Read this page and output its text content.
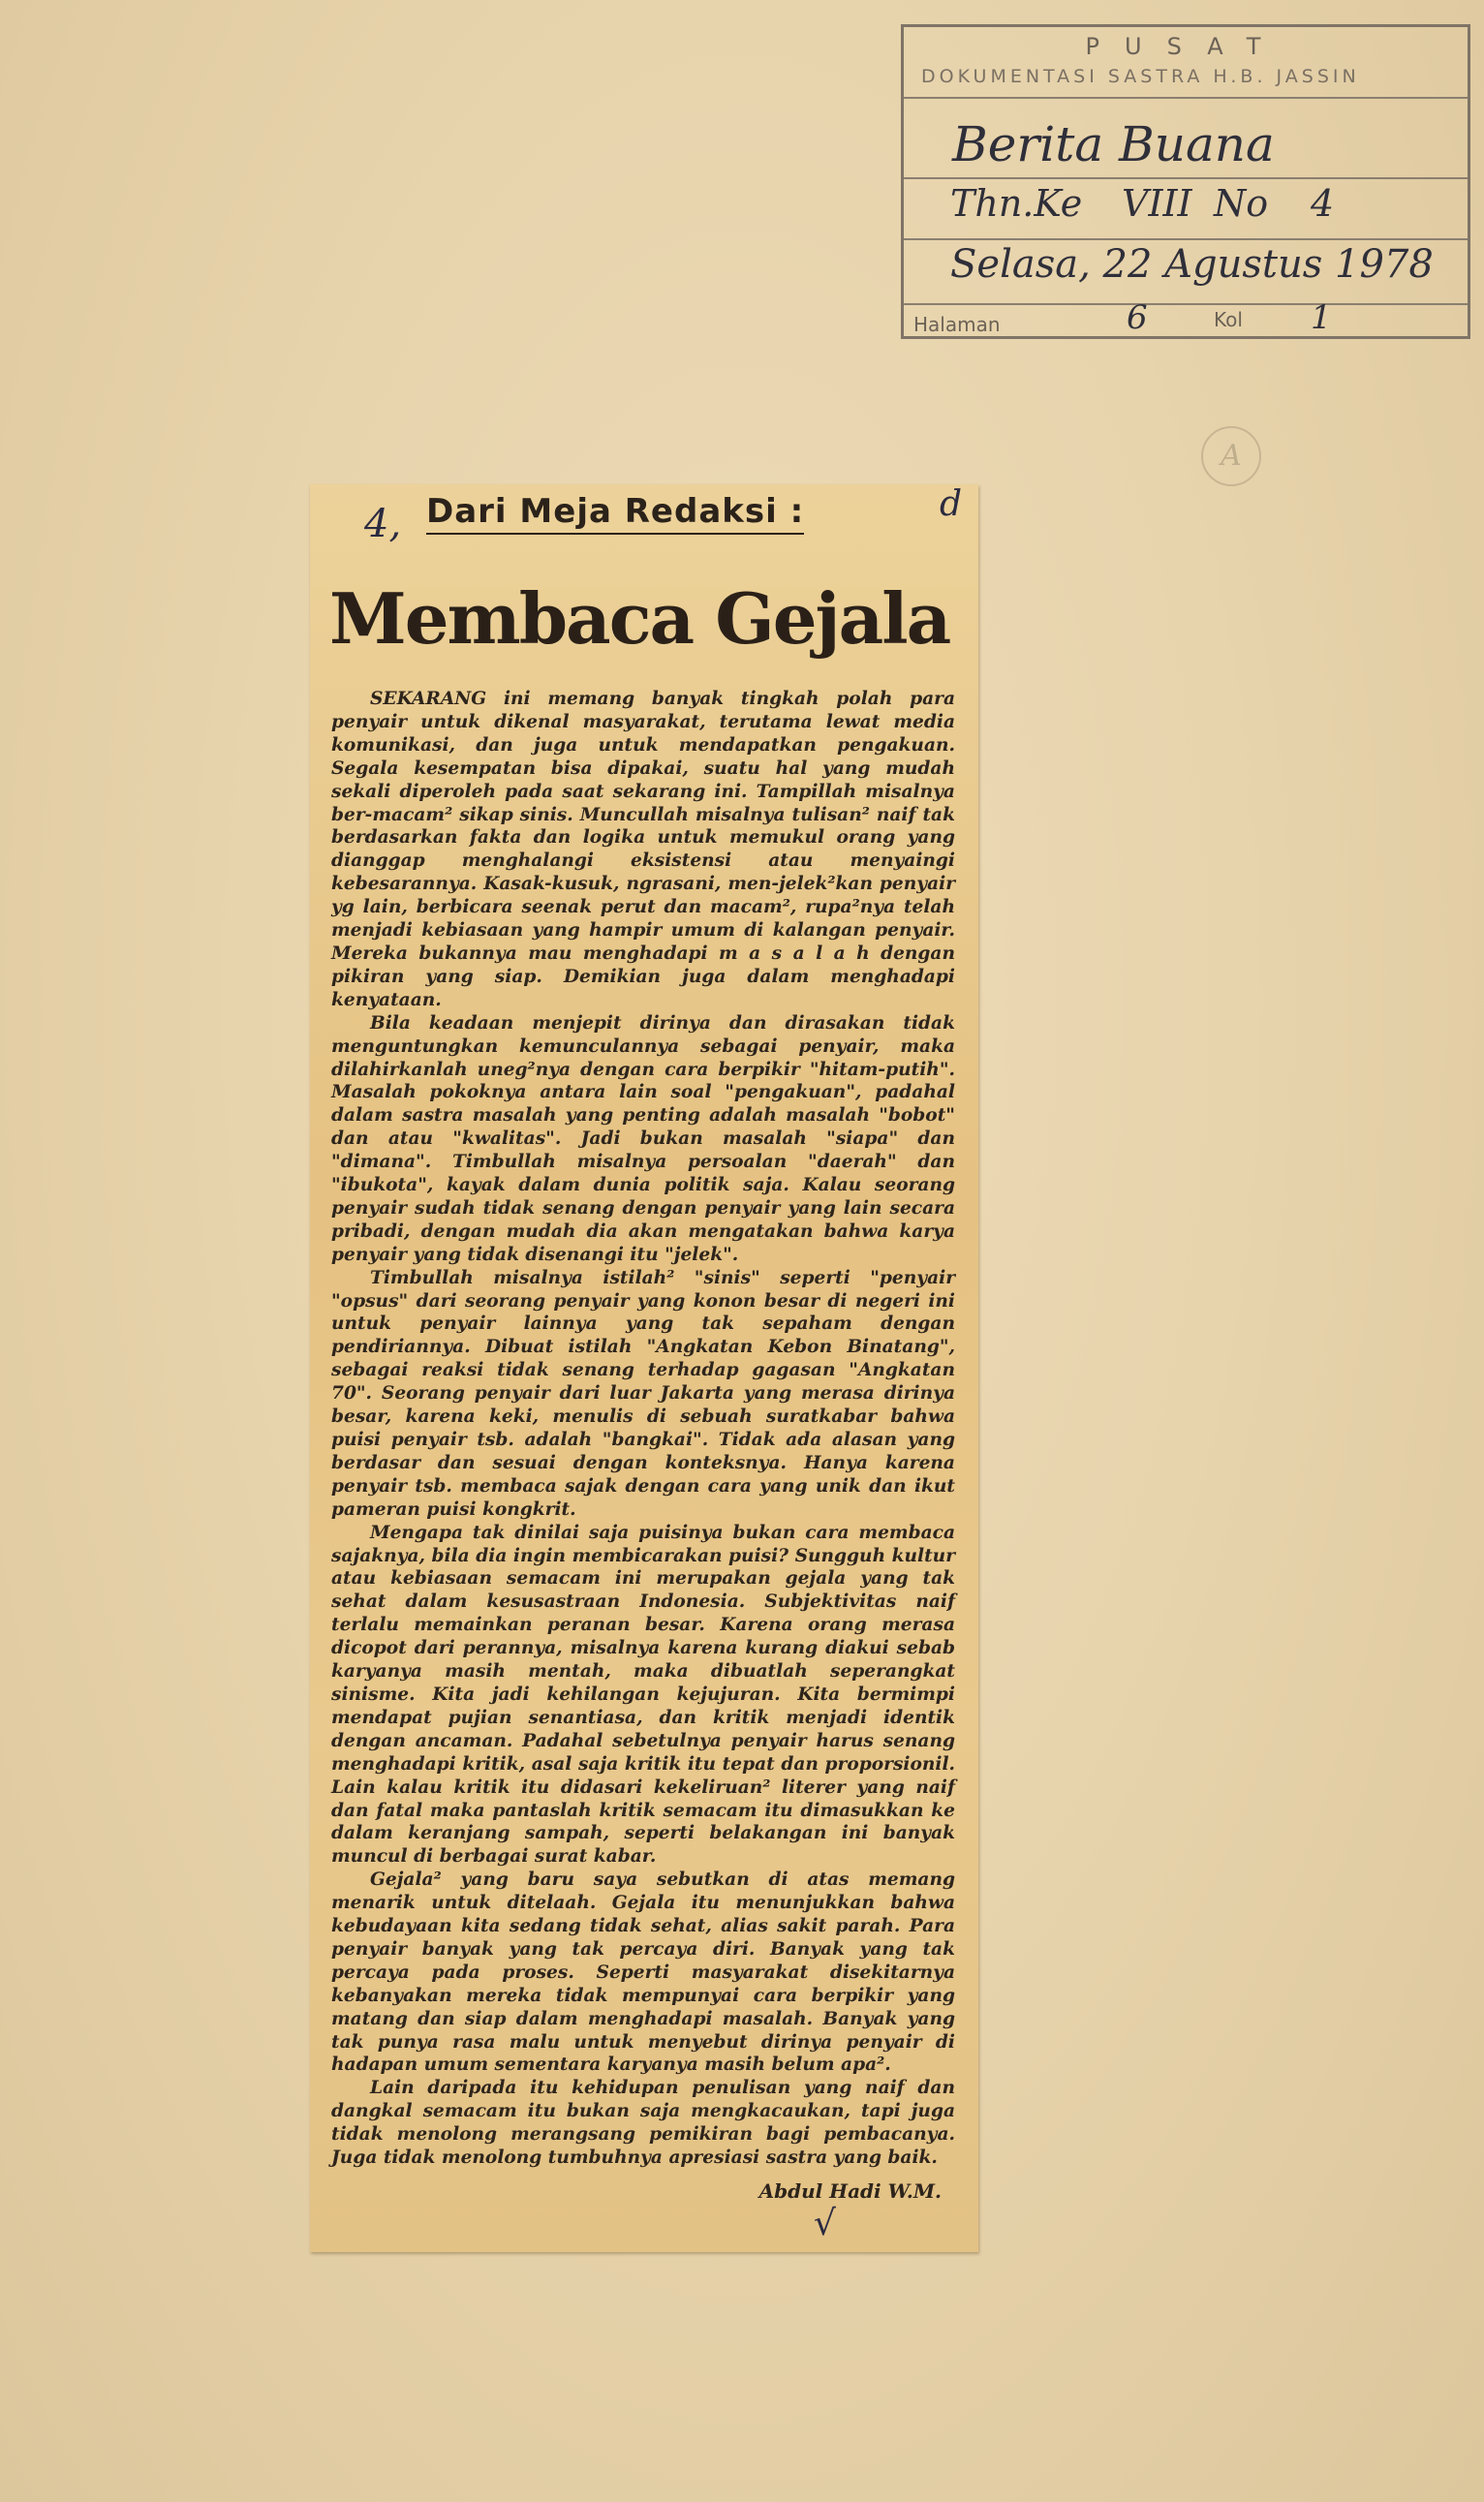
PUSAT
DOKUMENTASI SASTRA H.B. JASSIN
Berita Buana
Thn.Ke VIII No 4
Selasa, 22 Agustus 1978
Halaman	6	Kol 1
A
4, Dari Meja Redaksi :	d
Membaca Gejala

SEKARANG ini memang banyak tingkah polah para penyair untuk dikenal masyarakat, terutama lewat media komunikasi, dan juga untuk mendapatkan pengakuan. Segala kesempatan bisa dipakai, suatu hal yang mudah sekali diperoleh pada saat sekarang ini. Tampillah misalnya ber-macam² sikap sinis. Muncullah misalnya tulisan² naif tak berdasarkan fakta dan logika untuk memukul orang yang dianggap menghalangi eksistensi atau menyaingi kebesarannya. Kasak-kusuk, ngrasani, men-jelek²kan penyair yg lain, berbicara seenak perut dan macam², rupa²nya telah menjadi kebiasaan yang hampir umum di kalangan penyair. Mereka bukannya mau menghadapi m a s a l a h dengan pikiran yang siap. Demikian juga dalam menghadapi kenyataan.

Bila keadaan menjepit dirinya dan dirasakan tidak menguntungkan kemunculannya sebagai penyair, maka dilahirkanlah uneg²nya dengan cara berpikir "hitam-putih". Masalah pokoknya antara lain soal "pengakuan", padahal dalam sastra masalah yang penting adalah masalah "bobot" dan atau "kwalitas". Jadi bukan masalah "siapa" dan "dimana". Timbullah misalnya persoalan "daerah" dan "ibukota", kayak dalam dunia politik saja. Kalau seorang penyair sudah tidak senang dengan penyair yang lain secara pribadi, dengan mudah dia akan mengatakan bahwa karya penyair yang tidak disenangi itu "jelek".

Timbullah misalnya istilah² "sinis" seperti "penyair "opsus" dari seorang penyair yang konon besar di negeri ini untuk penyair lainnya yang tak sepaham dengan pendiriannya. Dibuat istilah "Angkatan Kebon Binatang", sebagai reaksi tidak senang terhadap gagasan "Angkatan 70". Seorang penyair dari luar Jakarta yang merasa dirinya besar, karena keki, menulis di sebuah suratkabar bahwa puisi penyair tsb. adalah "bangkai". Tidak ada alasan yang berdasar dan sesuai dengan konteksnya. Hanya karena penyair tsb. membaca sajak dengan cara yang unik dan ikut pameran puisi kongkrit.

Mengapa tak dinilai saja puisinya bukan cara membaca sajaknya, bila dia ingin membicarakan puisi? Sungguh kultur atau kebiasaan semacam ini merupakan gejala yang tak sehat dalam kesusastraan Indonesia. Subjektivitas naif terlalu memainkan peranan besar. Karena orang merasa dicopot dari perannya, misalnya karena kurang diakui sebab karyanya masih mentah, maka dibuatlah seperangkat sinisme. Kita jadi kehilangan kejujuran. Kita bermimpi mendapat pujian senantiasa, dan kritik menjadi identik dengan ancaman. Padahal sebetulnya penyair harus senang menghadapi kritik, asal saja kritik itu tepat dan proporsionil. Lain kalau kritik itu didasari kekeliruan² literer yang naif dan fatal maka pantaslah kritik semacam itu dimasukkan ke dalam keranjang sampah, seperti belakangan ini banyak muncul di berbagai surat kabar.

Gejala² yang baru saya sebutkan di atas memang menarik untuk ditelaah. Gejala itu menunjukkan bahwa kebudayaan kita sedang tidak sehat, alias sakit parah. Para penyair banyak yang tak percaya diri. Banyak yang tak percaya pada proses. Seperti masyarakat disekitarnya kebanyakan mereka tidak mempunyai cara berpikir yang matang dan siap dalam menghadapi masalah. Banyak yang tak punya rasa malu untuk menyebut dirinya penyair di hadapan umum sementara karyanya masih belum apa².

Lain daripada itu kehidupan penulisan yang naif dan dangkal semacam itu bukan saja mengkacaukan, tapi juga tidak menolong merangsang pemikiran bagi pembacanya. Juga tidak menolong tumbuhnya apresiasi sastra yang baik.

Abdul Hadi W.M.
√
